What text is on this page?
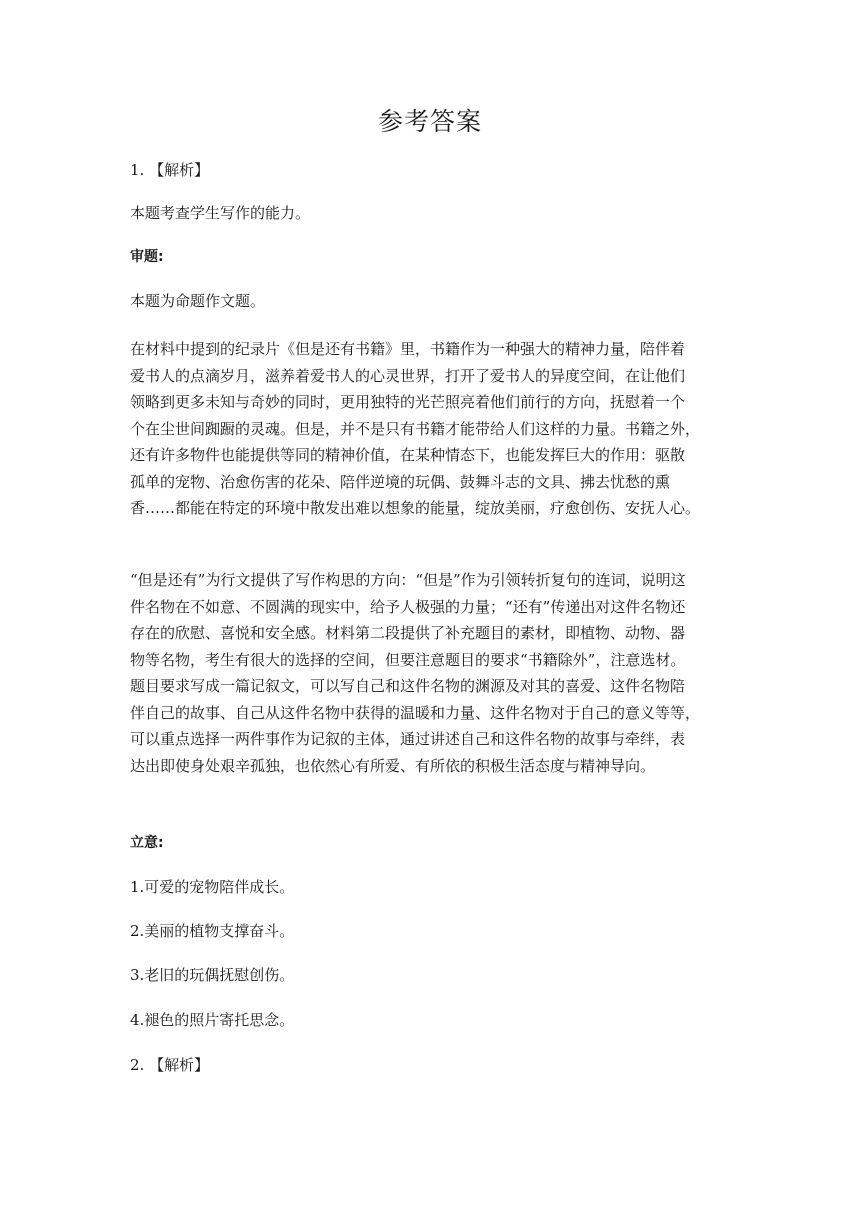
参考答案
1. 【解析】
本题考查学生写作的能力。
审题:
本题为命题作文题。
在材料中提到的纪录片《但是还有书籍》里，书籍作为一种强大的精神力量，陪伴着
爱书人的点滴岁月，滋养着爱书人的心灵世界，打开了爱书人的异度空间，在让他们
领略到更多未知与奇妙的同时，更用独特的光芒照亮着他们前行的方向，抚慰着一个
个在尘世间踟蹰的灵魂。但是，并不是只有书籍才能带给人们这样的力量。书籍之外，
还有许多物件也能提供等同的精神价值，在某种情态下，也能发挥巨大的作用：驱散
孤单的宠物、治愈伤害的花朵、陪伴逆境的玩偶、鼓舞斗志的文具、拂去忧愁的熏
香……都能在特定的环境中散发出难以想象的能量，绽放美丽，疗愈创伤、安抚人心。
“但是还有”为行文提供了写作构思的方向：“但是”作为引领转折复句的连词，说明这
件名物在不如意、不圆满的现实中，给予人极强的力量；“还有”传递出对这件名物还
存在的欣慰、喜悦和安全感。材料第二段提供了补充题目的素材，即植物、动物、器
物等名物，考生有很大的选择的空间，但要注意题目的要求“书籍除外”，注意选材。
题目要求写成一篇记叙文，可以写自己和这件名物的渊源及对其的喜爱、这件名物陪
伴自己的故事、自己从这件名物中获得的温暖和力量、这件名物对于自己的意义等等，
可以重点选择一两件事作为记叙的主体，通过讲述自己和这件名物的故事与牵绊，表
达出即使身处艰辛孤独，也依然心有所爱、有所依的积极生活态度与精神导向。
立意:
1.可爱的宠物陪伴成长。
2.美丽的植物支撑奋斗。
3.老旧的玩偶抚慰创伤。
4.褪色的照片寄托思念。
2. 【解析】
